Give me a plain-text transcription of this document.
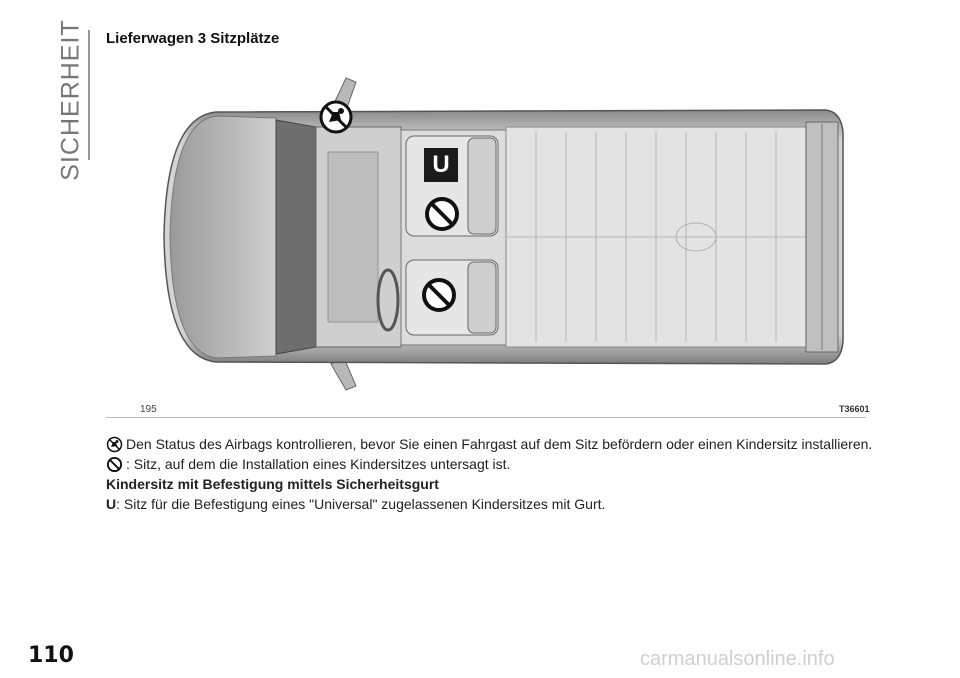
SICHERHEIT Lieferwagen 3 Sitzplätze
U
195	T36601
Den Status des Airbags kontrollieren, bevor Sie einen Fahrgast auf dem Sitz befördern oder einen Kindersitz installieren.
: Sitz, auf dem die Installation eines Kindersitzes untersagt ist.
Kindersitz mit Befestigung mittels Sicherheitsgurt
U : Sitz für die Befestigung eines "Universal" zugelassenen Kindersitzes mit Gurt.
110	carmanualsonline.info
